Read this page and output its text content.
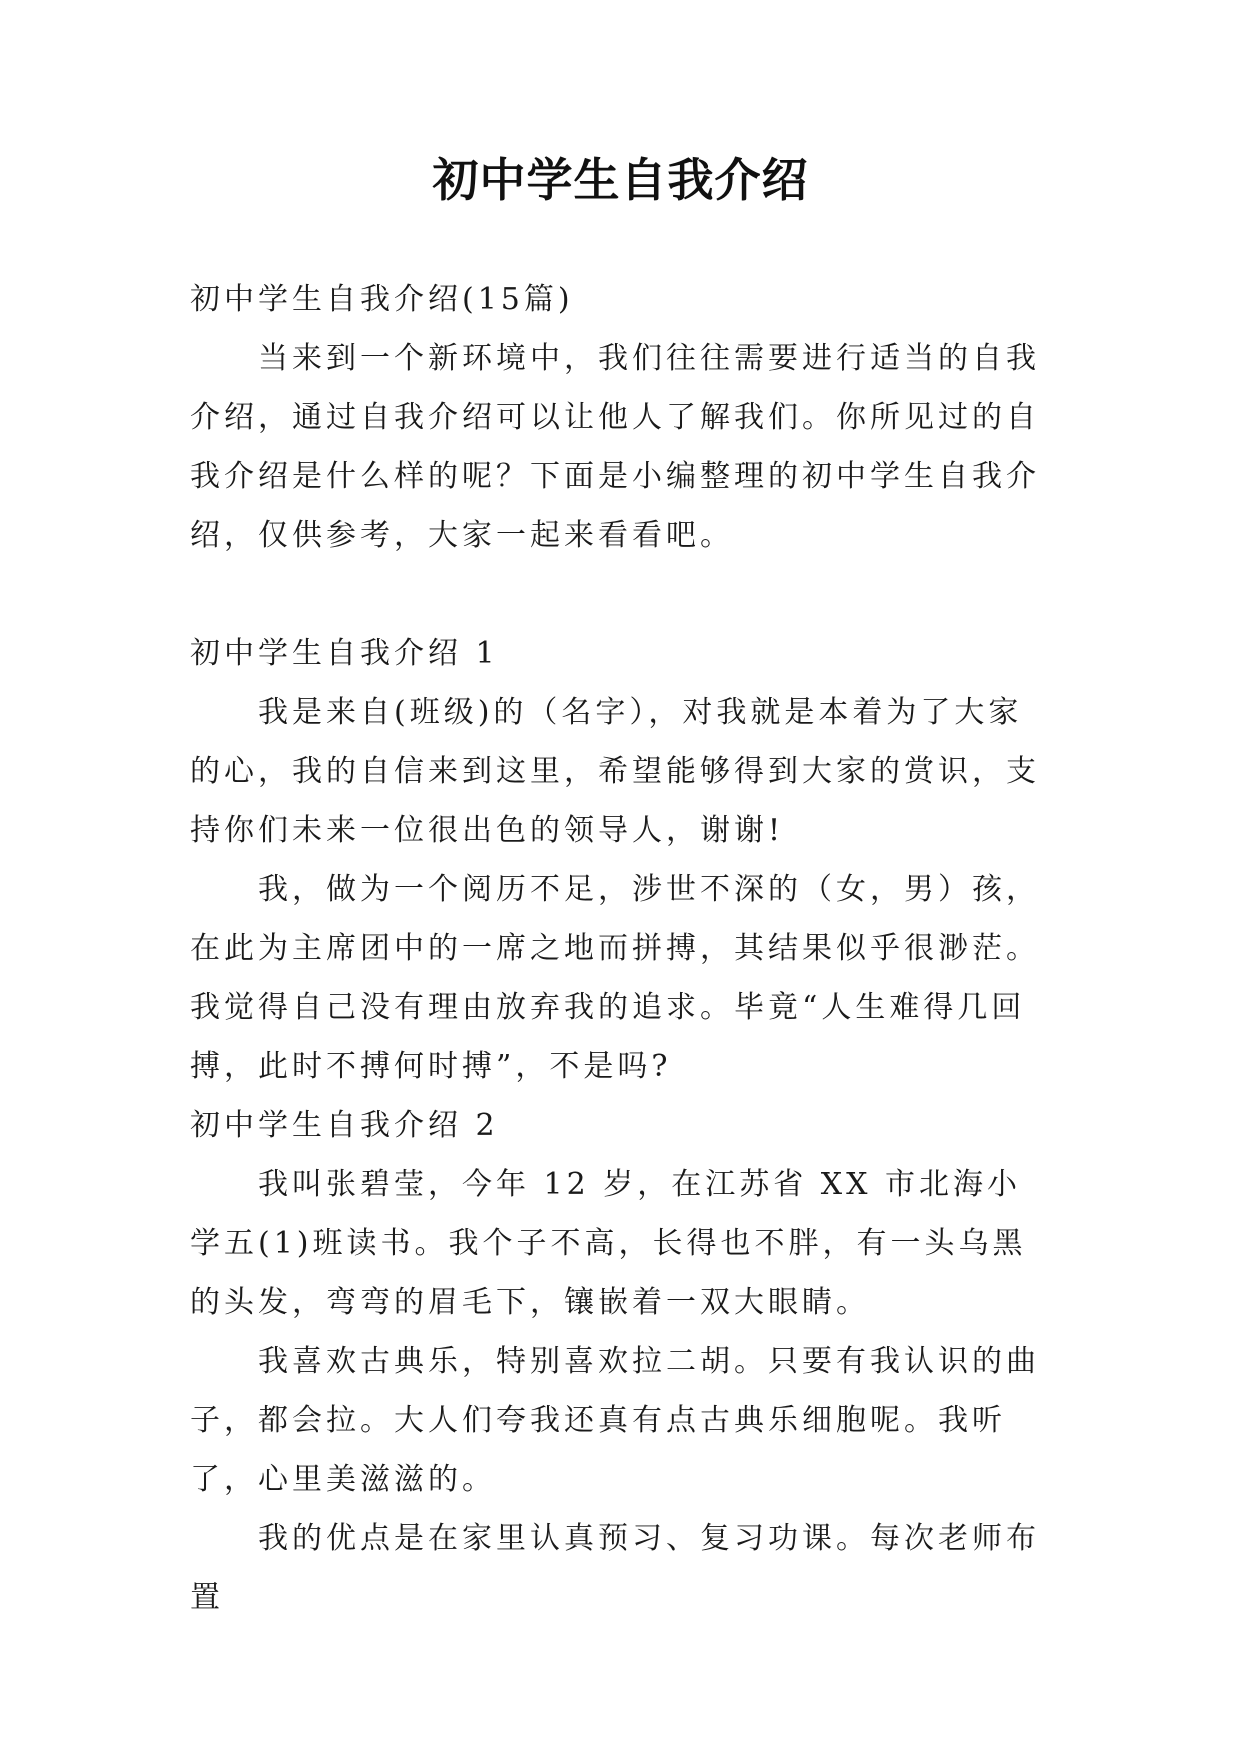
初中学生自我介绍

初中学生自我介绍(15篇)

当来到一个新环境中，我们往往需要进行适当的自我介绍，通过自我介绍可以让他人了解我们。你所见过的自我介绍是什么样的呢？下面是小编整理的初中学生自我介绍，仅供参考，大家一起来看看吧。

初中学生自我介绍 1

我是来自(班级)的（名字），对我就是本着为了大家的心，我的自信来到这里，希望能够得到大家的赏识，支持你们未来一位很出色的领导人，谢谢!

我，做为一个阅历不足，涉世不深的（女，男）孩，在此为主席团中的一席之地而拼搏，其结果似乎很渺茫。我觉得自己没有理由放弃我的追求。毕竟“人生难得几回搏，此时不搏何时搏”，不是吗?

初中学生自我介绍 2

我叫张碧莹，今年 12 岁，在江苏省 XX 市北海小学五(1)班读书。我个子不高，长得也不胖，有一头乌黑的头发，弯弯的眉毛下，镶嵌着一双大眼睛。

我喜欢古典乐，特别喜欢拉二胡。只要有我认识的曲子，都会拉。大人们夸我还真有点古典乐细胞呢。我听了，心里美滋滋的。

我的优点是在家里认真预习、复习功课。每次老师布置
